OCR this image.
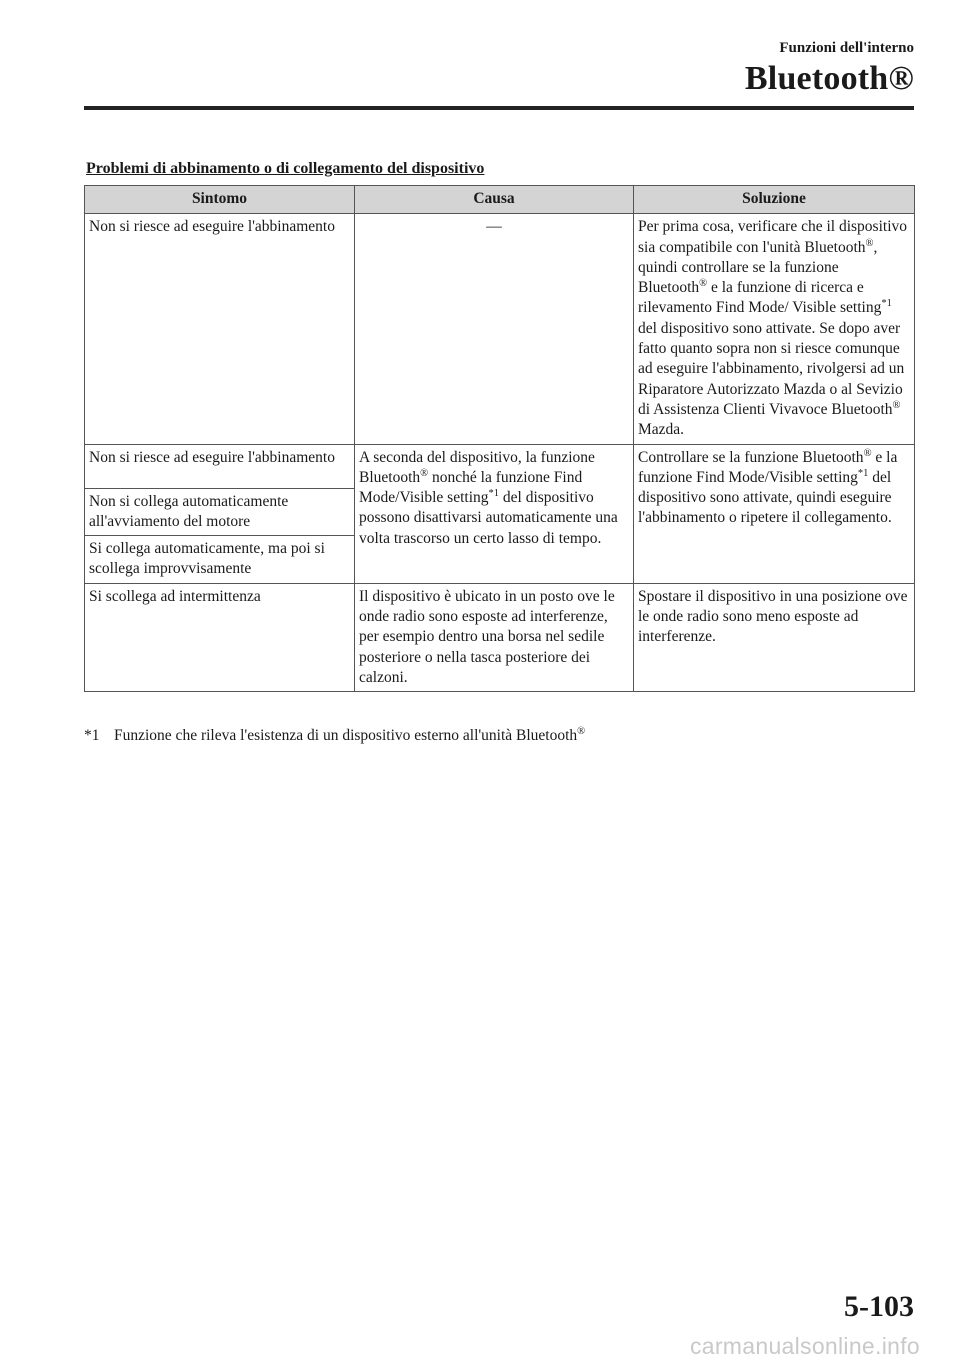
Funzioni dell'interno
Bluetooth®
Problemi di abbinamento o di collegamento del dispositivo
Sintomo	Causa	Soluzione
Non si riesce ad eseguire l'abbinamento	—	Per prima cosa, verificare che il dispositivo sia compatibile con l'unità Bluetooth®, quindi controllare se la funzione Bluetooth® e la funzione di ricerca e rilevamento Find Mode/ Visible setting$^{*1}$ del dispositivo sono attivate. Se dopo aver fatto quanto sopra non si riesce comunque ad eseguire l'abbinamento, rivolgersi ad un Riparatore Autorizzato Mazda o al Sevizio di Assistenza Clienti Vivavoce Bluetooth® Mazda.
Non si riesce ad eseguire l'abbinamento	A seconda del dispositivo, la funzione Bluetooth® nonché la funzione Find Mode/Visible setting$^{*1}$ del dispositivo possono disattivarsi automaticamente una volta trascorso un certo lasso di tempo.	Controllare se la funzione Bluetooth® e la funzione Find Mode/Visible setting$^{*1}$ del dispositivo sono attivate, quindi eseguire l'abbinamento o ripetere il collegamento.
Non si collega automaticamente all'avviamento del motore		
Si collega automaticamente, ma poi si scollega improvvisamente		
Si scollega ad intermittenza	Il dispositivo è ubicato in un posto ove le onde radio sono esposte ad interferenze, per esempio dentro una borsa nel sedile posteriore o nella tasca posteriore dei calzoni.	Spostare il dispositivo in una posizione ove le onde radio sono meno esposte ad interferenze.
*1 Funzione che rileva l'esistenza di un dispositivo esterno all'unità Bluetooth®
5-103
carmanualsonline.info
